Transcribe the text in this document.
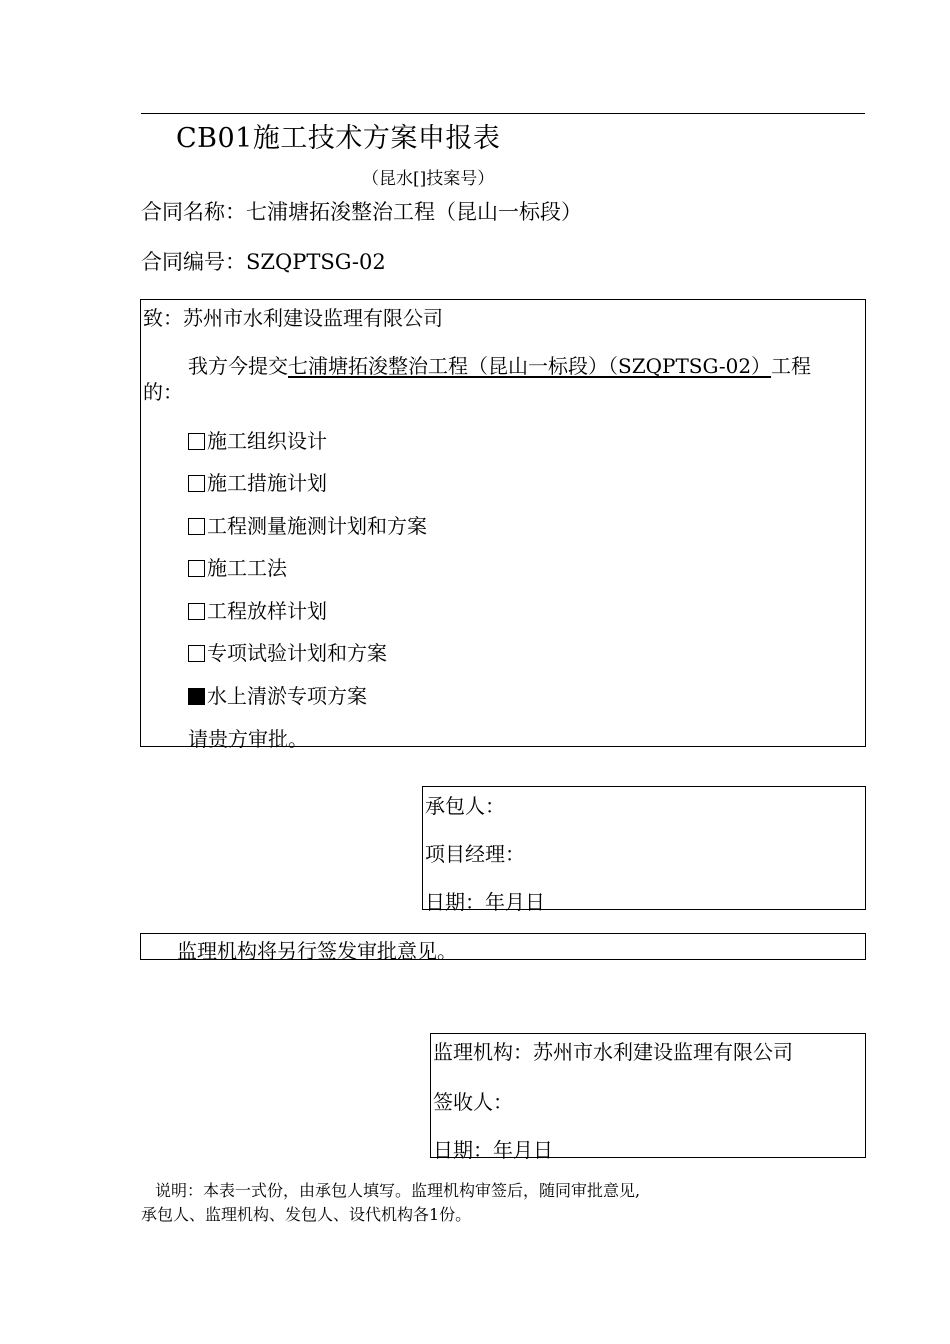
CB01施工技术方案申报表
（昆水[]技案号）
合同名称：七浦塘拓浚整治工程（昆山一标段）
合同编号：SZQPTSG-02
致：苏州市水利建设监理有限公司
我方今提交七浦塘拓浚整治工程（昆山一标段）（SZQPTSG-02）工程
的：
施工组织设计
施工措施计划
工程测量施测计划和方案
施工工法
工程放样计划
专项试验计划和方案
水上清淤专项方案
请贵方审批。
承包人：
项目经理：
日期：年月日
监理机构将另行签发审批意见。
监理机构：苏州市水利建设监理有限公司
签收人：
日期：年月日
说明：本表一式份，由承包人填写。监理机构审签后，随同审批意见,
承包人、监理机构、发包人、设代机构各1份。
